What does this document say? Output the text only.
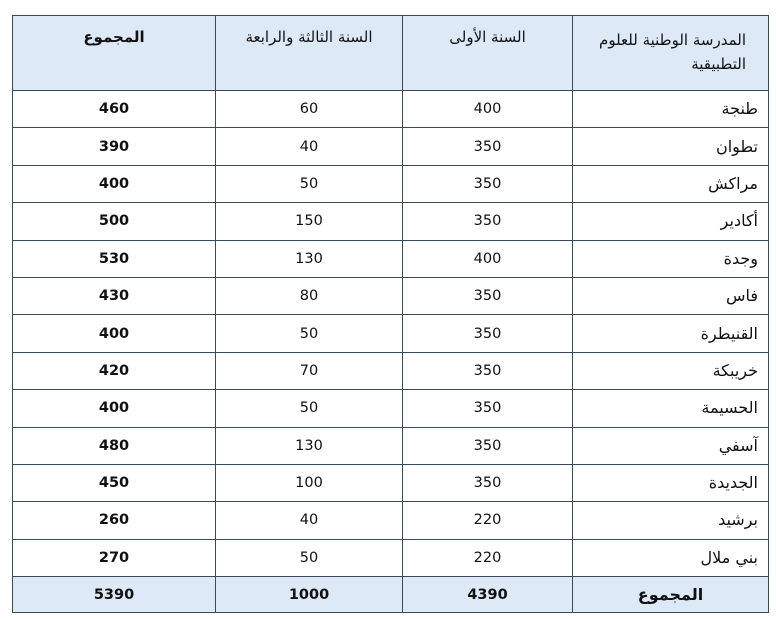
المدرسة الوطنية للعلوم التطبيقية	السنة الأولى	السنة الثالثة والرابعة	المجموع
طنجة	400	60	460
تطوان	350	40	390
مراكش	350	50	400
أكادير	350	150	500
وجدة	400	130	530
فاس	350	80	430
القنيطرة	350	50	400
خريبكة	350	70	420
الحسيمة	350	50	400
آسفي	350	130	480
الجديدة	350	100	450
برشيد	220	40	260
بني ملال	220	50	270
المجموع	4390	1000	5390
